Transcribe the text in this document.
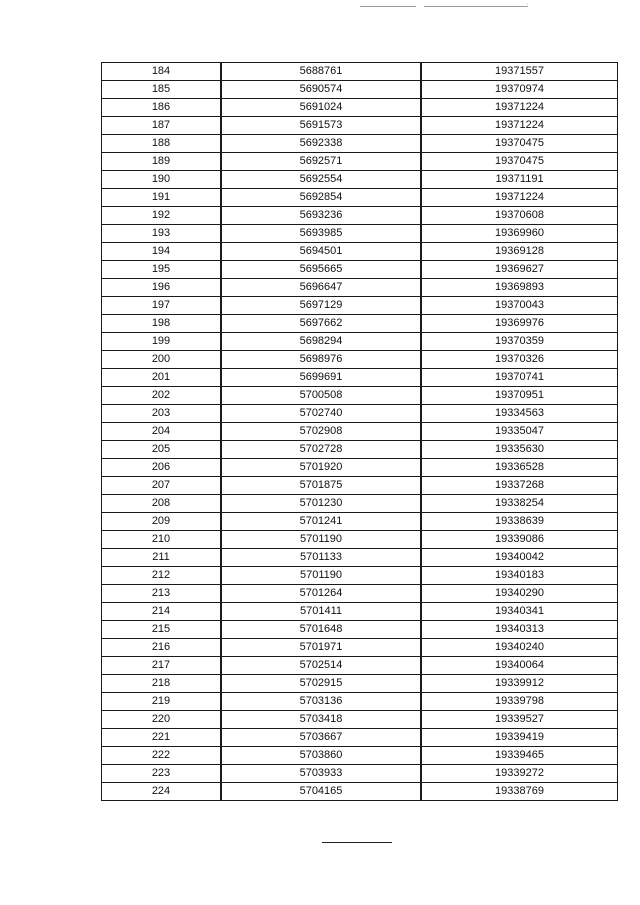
ʾ
184	5688761	19371557
185	5690574	19370974
186	5691024	19371224
187	5691573	19371224
188	5692338	19370475
189	5692571	19370475
190	5692554	19371191
191	5692854	19371224
192	5693236	19370608
193	5693985	19369960
194	5694501	19369128
195	5695665	19369627
196	5696647	19369893
197	5697129	19370043
198	5697662	19369976
199	5698294	19370359
200	5698976	19370326
201	5699691	19370741
202	5700508	19370951
203	5702740	19334563
204	5702908	19335047
205	5702728	19335630
206	5701920	19336528
207	5701875	19337268
208	5701230	19338254
209	5701241	19338639
210	5701190	19339086
211	5701133	19340042
212	5701190	19340183
213	5701264	19340290
214	5701411	19340341
215	5701648	19340313
216	5701971	19340240
217	5702514	19340064
218	5702915	19339912
219	5703136	19339798
220	5703418	19339527
221	5703667	19339419
222	5703860	19339465
223	5703933	19339272
224	5704165	19338769
